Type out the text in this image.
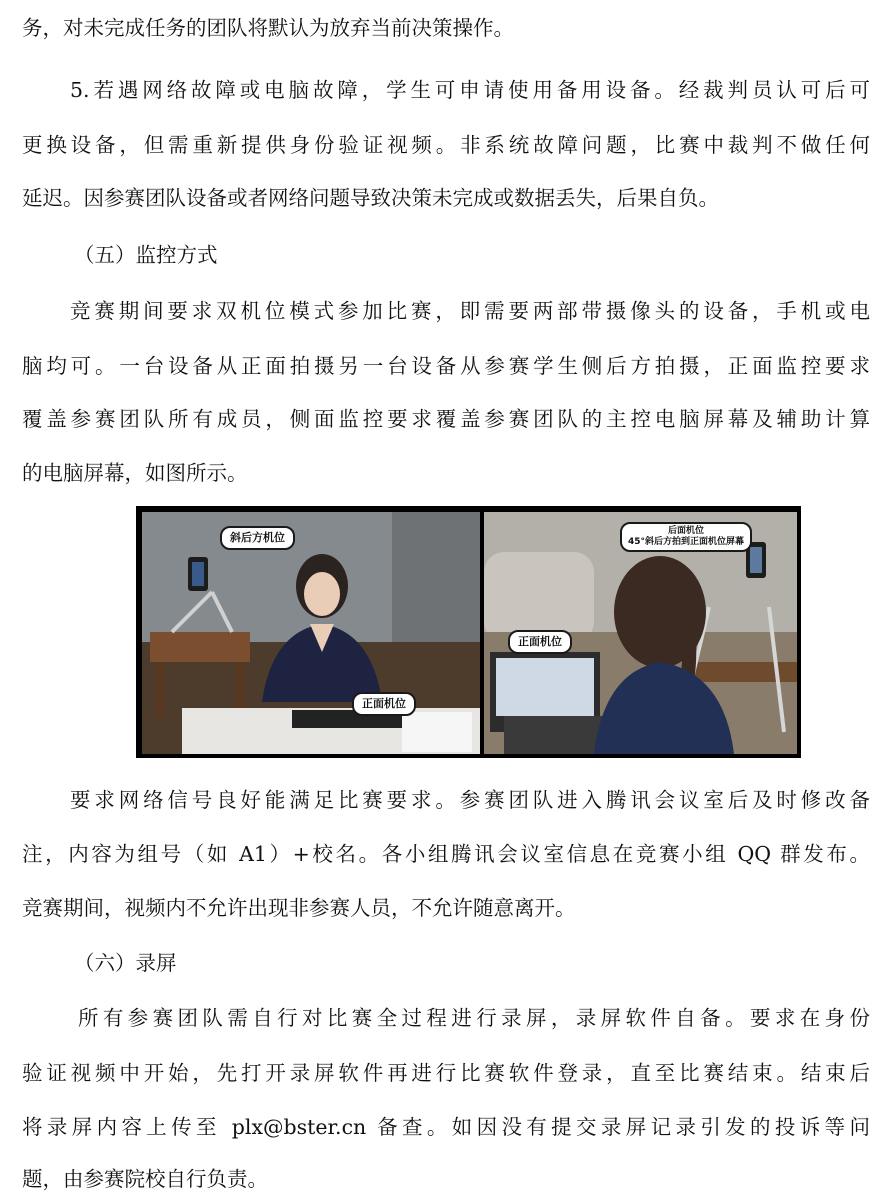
务，对未完成任务的团队将默认为放弃当前决策操作。
5.若遇网络故障或电脑故障，学生可申请使用备用设备。经裁判员认可后可
更换设备，但需重新提供身份验证视频。非系统故障问题，比赛中裁判不做任何
延迟。因参赛团队设备或者网络问题导致决策未完成或数据丢失，后果自负。
（五）监控方式
竞赛期间要求双机位模式参加比赛，即需要两部带摄像头的设备，手机或电
脑均可。一台设备从正面拍摄另一台设备从参赛学生侧后方拍摄，正面监控要求
覆盖参赛团队所有成员，侧面监控要求覆盖参赛团队的主控电脑屏幕及辅助计算
的电脑屏幕，如图所示。
斜后方机位
正面机位
后面机位
45°斜后方拍到正面机位屏幕
正面机位
要求网络信号良好能满足比赛要求。参赛团队进入腾讯会议室后及时修改备
注，内容为组号（如 A1）+校名。各小组腾讯会议室信息在竞赛小组 QQ 群发布。
竞赛期间，视频内不允许出现非参赛人员，不允许随意离开。
（六）录屏
所有参赛团队需自行对比赛全过程进行录屏，录屏软件自备。要求在身份
验证视频中开始，先打开录屏软件再进行比赛软件登录，直至比赛结束。结束后
将录屏内容上传至 plx@bster.cn 备查。如因没有提交录屏记录引发的投诉等问
题，由参赛院校自行负责。
